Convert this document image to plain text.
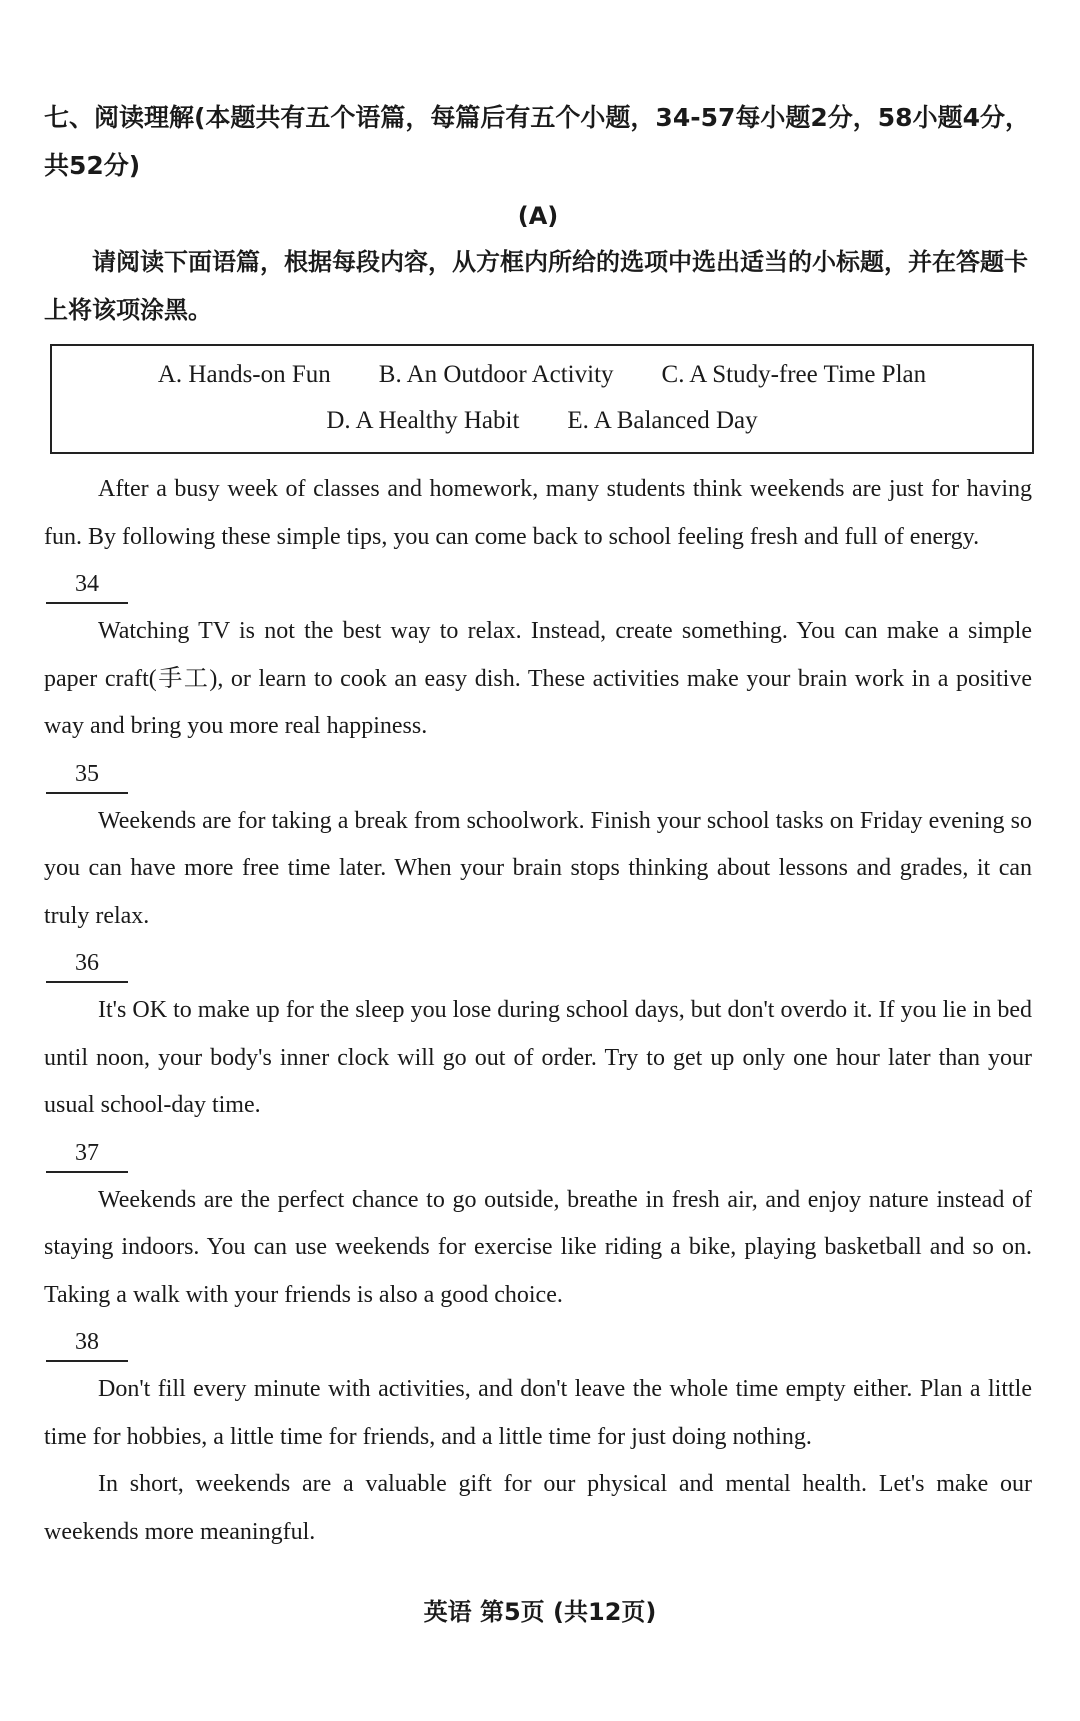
七、阅读理解(本题共有五个语篇，每篇后有五个小题，34-57每小题2分，58小题4分，共52分)

(A)

请阅读下面语篇，根据每段内容，从方框内所给的选项中选出适当的小标题，并在答题卡上将该项涂黑。

A. Hands-on Fun B. An Outdoor Activity C. A Study-free Time Plan
D. A Healthy Habit E. A Balanced Day

After a busy week of classes and homework, many students think weekends are just for having fun. By following these simple tips, you can come back to school feeling fresh and full of energy.

34

Watching TV is not the best way to relax. Instead, create something. You can make a simple paper craft(手工), or learn to cook an easy dish. These activities make your brain work in a positive way and bring you more real happiness.

35

Weekends are for taking a break from schoolwork. Finish your school tasks on Friday evening so you can have more free time later. When your brain stops thinking about lessons and grades, it can truly relax.

36

It's OK to make up for the sleep you lose during school days, but don't overdo it. If you lie in bed until noon, your body's inner clock will go out of order. Try to get up only one hour later than your usual school-day time.

37

Weekends are the perfect chance to go outside, breathe in fresh air, and enjoy nature instead of staying indoors. You can use weekends for exercise like riding a bike, playing basketball and so on. Taking a walk with your friends is also a good choice.

38

Don't fill every minute with activities, and don't leave the whole time empty either. Plan a little time for hobbies, a little time for friends, and a little time for just doing nothing.

In short, weekends are a valuable gift for our physical and mental health. Let's make our weekends more meaningful.

英语 第5页 (共12页)
